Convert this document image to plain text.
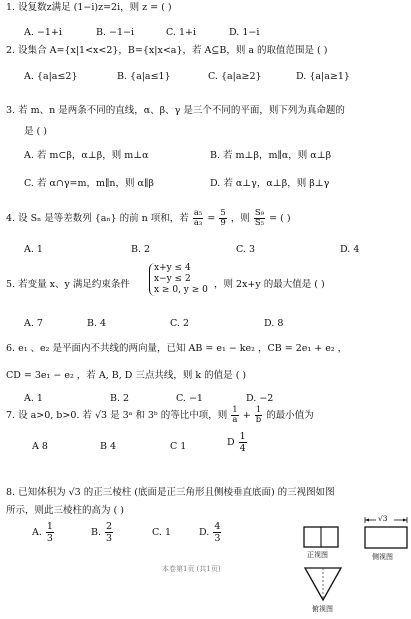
1. 设复数z满足 (1−i)z=2i，则 z = ( )
A. −1+i	B. −1−i	C. 1+i	D. 1−i
2. 设集合 A={x|1<x<2}，B={x|x<a}，若 A⊆B，则 a 的取值范围是 ( )
A. {a|a≤2}	B. {a|a≤1}	C. {a|a≥2}	D. {a|a≥1}
3. 若 m、n 是两条不同的直线，α、β、γ 是三个不同的平面，则下列为真命题的
是 ( )
A. 若 m⊂β，α⊥β，则 m⊥α	B. 若 m⊥β，m∥α，则 α⊥β
C. 若 α∩γ=m，m∥n，则 α∥β	D. 若 α⊥γ，α⊥β，则 β⊥γ
4. 设 Sₙ 是等差数列 {aₙ} 的前 n 项和，若 $\frac{\text{a₅}}{\text{a₃}} = \frac{5}{9}$ ，则 $\frac{\text{S₉}}{\text{S₅}}$ = ( )
A. 1	B. 2	C. 3	D. 4
5. 若变量 x、y 满足约束条件
x+y ≤ 4
x−y ≤ 2
x ≥ 0, y ≥ 0 ，则 2x+y 的最大值是 ( )
A. 7	B. 4	C. 2	D. 8
6. e₁ 、e₂ 是平面内不共线的两向量，已知 AB = e₁ − ke₂ ，CB = 2e₁ + e₂ ，
CD = 3e₁ − e₂ ，若 A, B, D 三点共线，则 k 的值是 ( )
A. 1	B. 2	C. −1	D. −2
7. 设 a>0, b>0. 若 √3 是 3ᵃ 和 3ᵇ 的等比中项，则 $\frac{1}{a} + \frac{1}{b}$ 的最小值为
A 8	B 4	C 1	D $\frac{1}{4}$
8. 已知体积为 √3 的正三棱柱 (底面是正三角形且侧棱垂直底面) 的三视图如图
所示，则此三棱柱的高为 ( )
A. $\frac{1}{3}$	B. $\frac{2}{3}$	C. 1	D. $\frac{4}{3}$
正视图
√3
侧视图
俯视图
本卷第1页 (共1页)
